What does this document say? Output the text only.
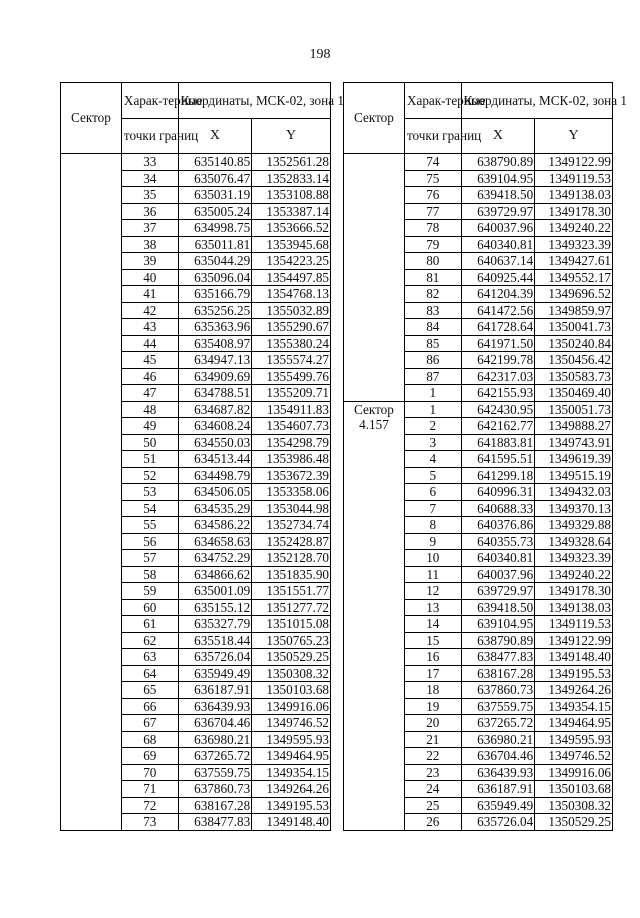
198
Сектор	Харак-терные	Координаты, МСК-02, зона 1	
	точки границ	X	Y
	33	635140.85	1352561.28
	34	635076.47	1352833.14
	35	635031.19	1353108.88
	36	635005.24	1353387.14
	37	634998.75	1353666.52
	38	635011.81	1353945.68
	39	635044.29	1354223.25
	40	635096.04	1354497.85
	41	635166.79	1354768.13
	42	635256.25	1355032.89
	43	635363.96	1355290.67
	44	635408.97	1355380.24
	45	634947.13	1355574.27
	46	634909.69	1355499.76
	47	634788.51	1355209.71
	48	634687.82	1354911.83
	49	634608.24	1354607.73
	50	634550.03	1354298.79
	51	634513.44	1353986.48
	52	634498.79	1353672.39
	53	634506.05	1353358.06
	54	634535.29	1353044.98
	55	634586.22	1352734.74
	56	634658.63	1352428.87
	57	634752.29	1352128.70
	58	634866.62	1351835.90
	59	635001.09	1351551.77
	60	635155.12	1351277.72
	61	635327.79	1351015.08
	62	635518.44	1350765.23
	63	635726.04	1350529.25
	64	635949.49	1350308.32
	65	636187.91	1350103.68
	66	636439.93	1349916.06
	67	636704.46	1349746.52
	68	636980.21	1349595.93
	69	637265.72	1349464.95
	70	637559.75	1349354.15
	71	637860.73	1349264.26
	72	638167.28	1349195.53
	73	638477.83	1349148.40
Сектор	Харак-терные	Координаты, МСК-02, зона 1	
	точки границ	X	Y
	74	638790.89	1349122.99
	75	639104.95	1349119.53
	76	639418.50	1349138.03
	77	639729.97	1349178.30
	78	640037.96	1349240.22
	79	640340.81	1349323.39
	80	640637.14	1349427.61
	81	640925.44	1349552.17
	82	641204.39	1349696.52
	83	641472.56	1349859.97
	84	641728.64	1350041.73
	85	641971.50	1350240.84
	86	642199.78	1350456.42
	87	642317.03	1350583.73
	1	642155.93	1350469.40

Сектор
4.157	1	642430.95	1350051.73
	2	642162.77	1349888.27
	3	641883.81	1349743.91
	4	641595.51	1349619.39
	5	641299.18	1349515.19
	6	640996.31	1349432.03
	7	640688.33	1349370.13
	8	640376.86	1349329.88
	9	640355.73	1349328.64
	10	640340.81	1349323.39
	11	640037.96	1349240.22
	12	639729.97	1349178.30
	13	639418.50	1349138.03
	14	639104.95	1349119.53
	15	638790.89	1349122.99
	16	638477.83	1349148.40
	17	638167.28	1349195.53
	18	637860.73	1349264.26
	19	637559.75	1349354.15
	20	637265.72	1349464.95
	21	636980.21	1349595.93
	22	636704.46	1349746.52
	23	636439.93	1349916.06
	24	636187.91	1350103.68
	25	635949.49	1350308.32
	26	635726.04	1350529.25
